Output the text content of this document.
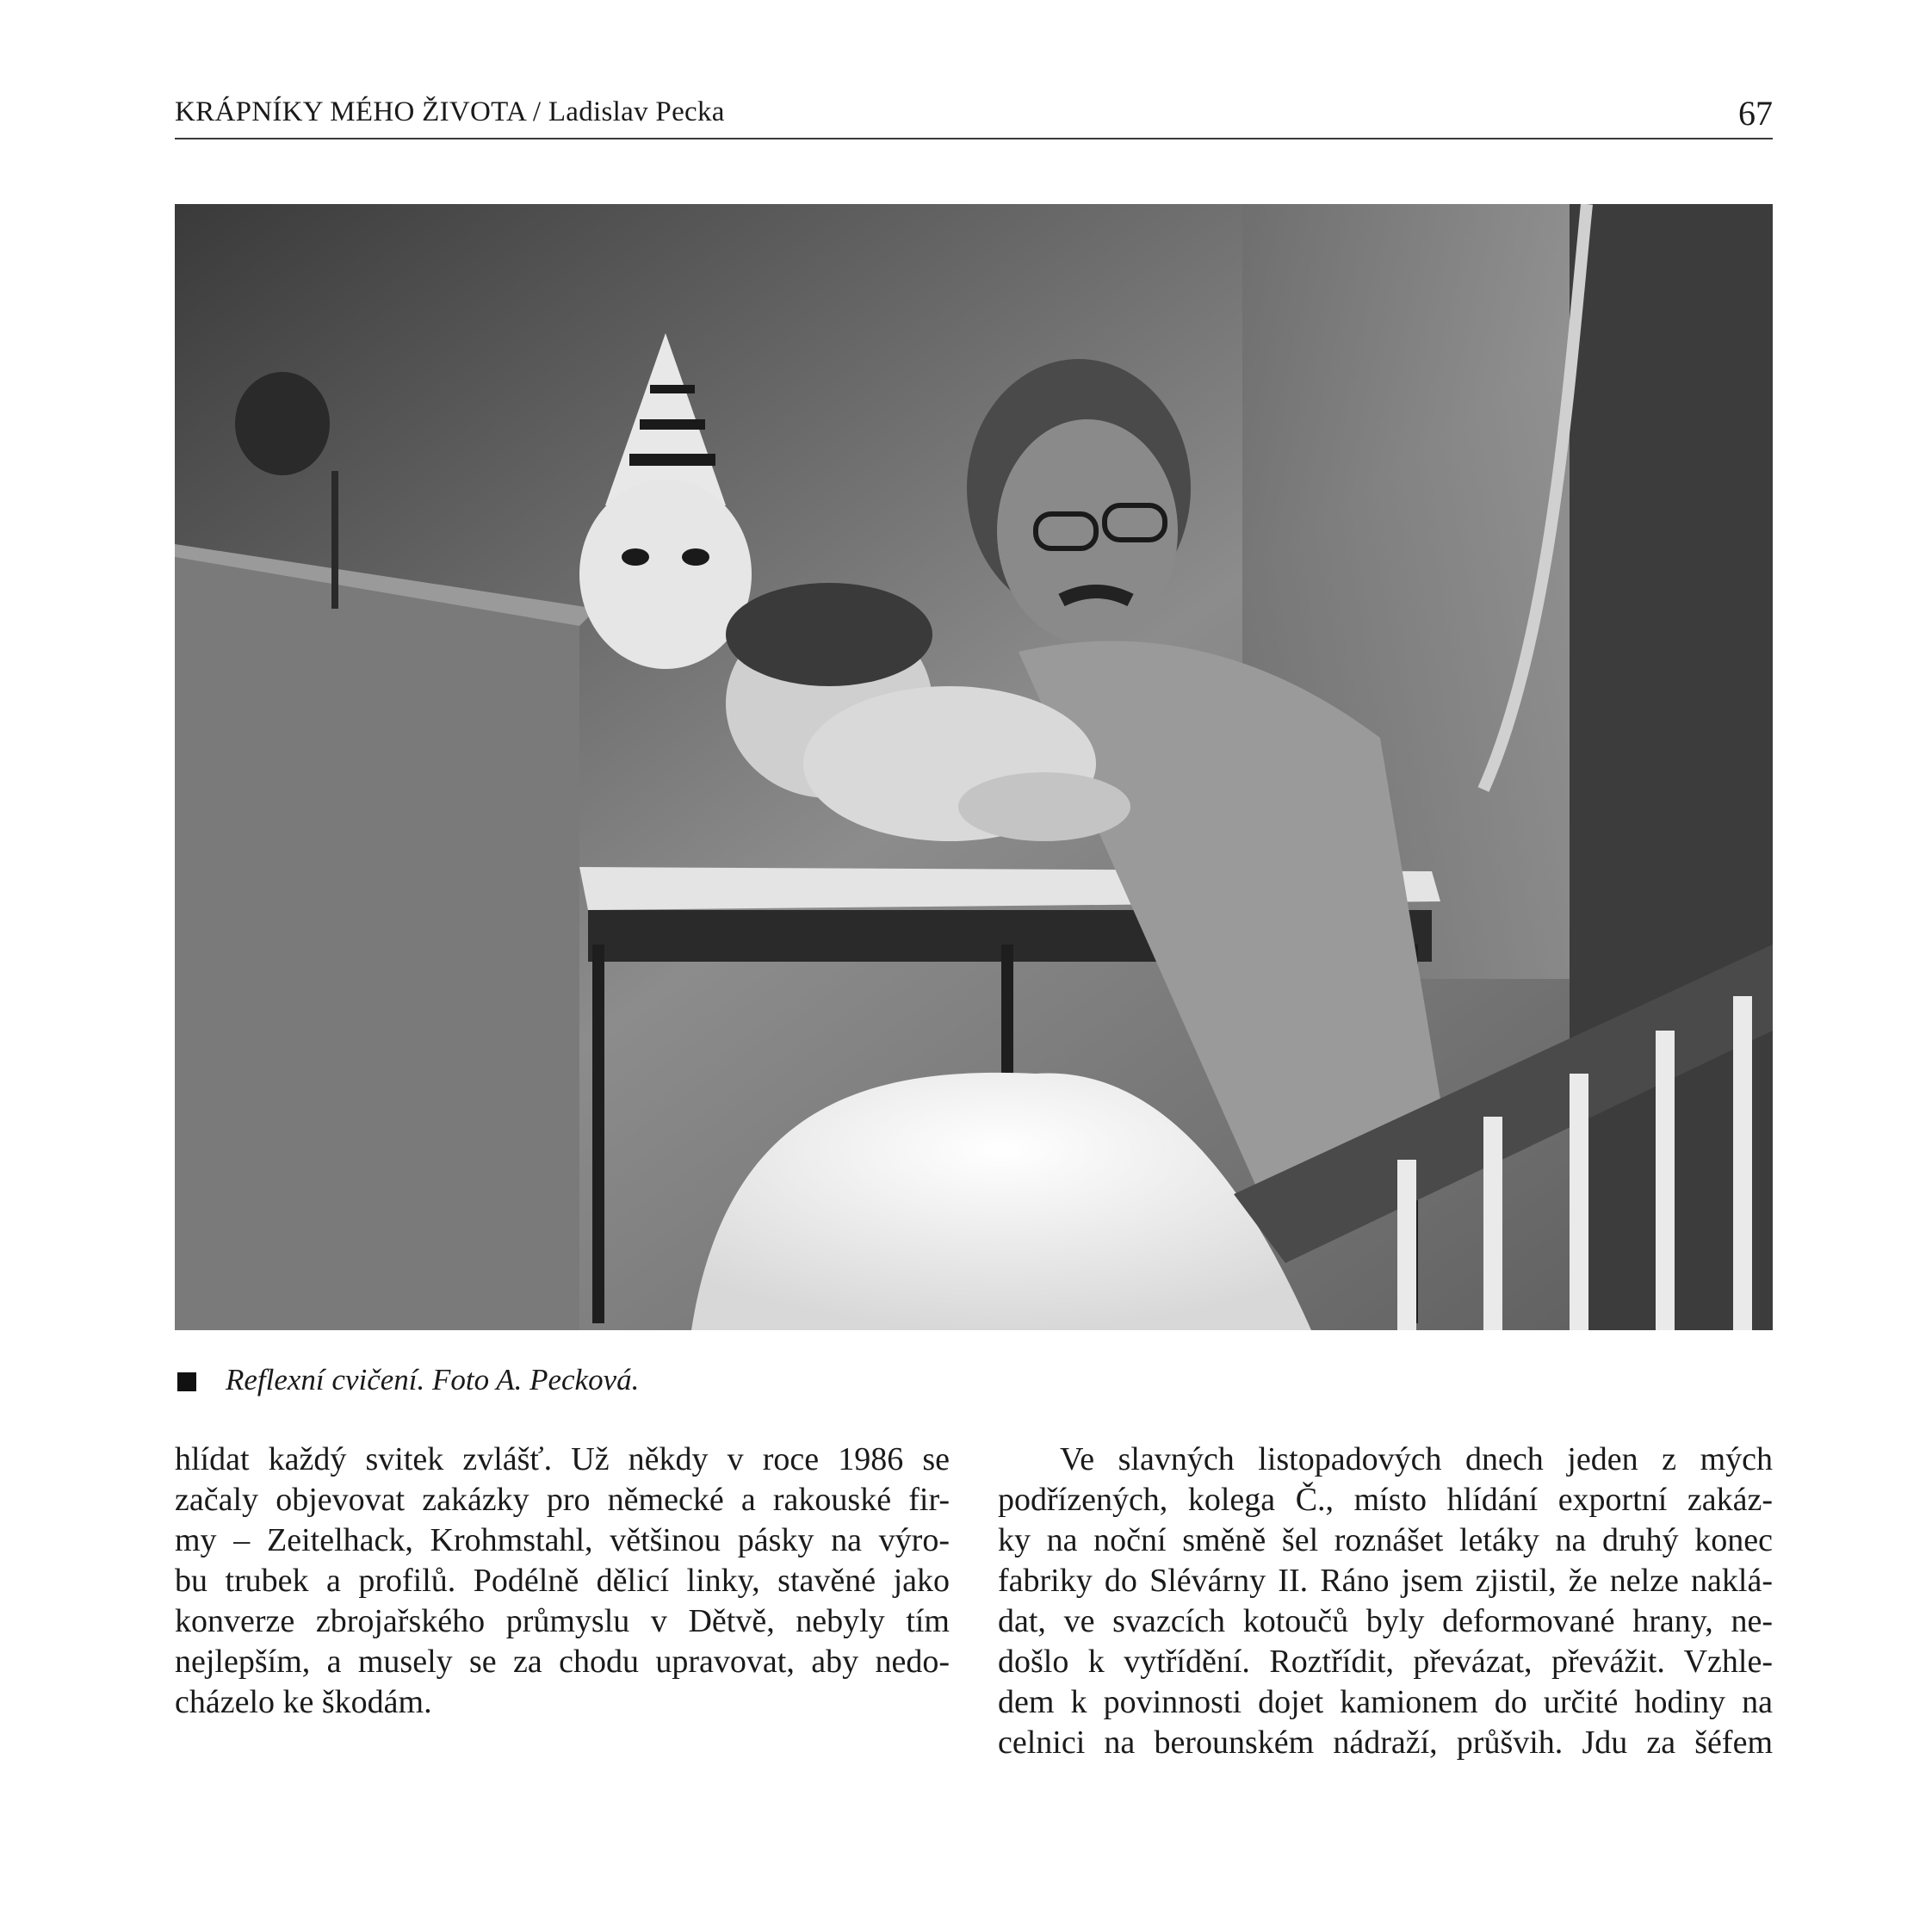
KRÁPNÍKY MÉHO ŽIVOTA / Ladislav Pecka	67
Reflexní cvičení. Foto A. Pecková.
hlídat každý svitek zvlášť. Už někdy v roce 1986 se
začaly objevovat zakázky pro německé a rakouské fir-
my – Zeitelhack, Krohmstahl, většinou pásky na výro-
bu trubek a profilů. Podélně dělicí linky, stavěné jako
konverze zbrojařského průmyslu v Dětvě, nebyly tím
nejlepším, a musely se za chodu upravovat, aby nedo-
cházelo ke škodám.
Ve slavných listopadových dnech jeden z mých
podřízených, kolega Č., místo hlídání exportní zakáz-
ky na noční směně šel roznášet letáky na druhý konec
fabriky do Slévárny II. Ráno jsem zjistil, že nelze naklá-
dat, ve svazcích kotoučů byly deformované hrany, ne-
došlo k vytřídění. Roztřídit, převázat, převážit. Vzhle-
dem k povinnosti dojet kamionem do určité hodiny na
celnici na berounském nádraží, průšvih. Jdu za šéfem
